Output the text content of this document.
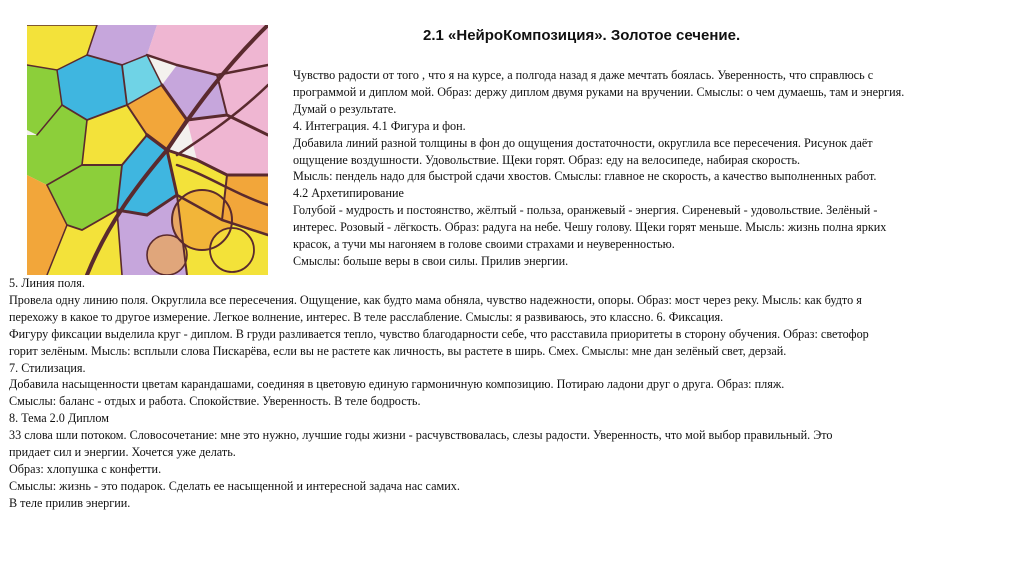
2.1 «НейроКомпозиция». Золотое сечение.
Чувство радости от того , что я на курсе, а полгода назад я даже мечтать боялась. Уверенность, что справлюсь с
программой и диплом мой. Образ: держу диплом двумя руками на вручении. Смыслы: о чем думаешь, там и энергия.
Думай о результате.
4. Интеграция. 4.1 Фигура и фон.
Добавила линий разной толщины в фон до ощущения достаточности, округлила все пересечения. Рисунок даёт
ощущение воздушности. Удовольствие. Щеки горят. Образ: еду на велосипеде, набирая скорость.
Мысль: пендель надо для быстрой сдачи хвостов. Смыслы: главное не скорость, а качество выполненных работ.
4.2 Архетипирование
Голубой - мудрость и постоянство, жёлтый - польза, оранжевый - энергия. Сиреневый - удовольствие. Зелёный -
интерес. Розовый - лёгкость. Образ: радуга на небе. Чешу голову. Щеки горят меньше. Мысль: жизнь полна ярких
красок, а тучи мы нагоняем в голове своими страхами и неуверенностью.
Смыслы: больше веры в свои силы. Прилив энергии.
5. Линия поля.
Провела одну линию поля. Округлила все пересечения. Ощущение, как будто мама обняла, чувство надежности, опоры. Образ: мост через реку. Мысль: как будто я
перехожу в какое то другое измерение. Легкое волнение, интерес. В теле расслабление. Смыслы: я развиваюсь, это классно. 6. Фиксация.
Фигуру фиксации выделила круг - диплом. В груди разливается тепло, чувство благодарности себе, что расставила приоритеты в сторону обучения. Образ: светофор
горит зелёным. Мысль: всплыли слова Пискарёва, если вы не растете как личность, вы растете в ширь. Смех. Смыслы: мне дан зелёный свет, дерзай.
7. Стилизация.
Добавила насыщенности цветам карандашами, соединяя в цветовую единую гармоничную композицию. Потираю ладони друг о друга. Образ: пляж.
Смыслы: баланс - отдых и работа. Спокойствие. Уверенность. В теле бодрость.
8. Тема 2.0 Диплом
33 слова шли потоком. Словосочетание: мне это нужно, лучшие годы жизни - расчувствовалась, слезы радости. Уверенность, что мой выбор правильный. Это
придает сил и энергии. Хочется уже делать.
Образ: хлопушка с конфетти.
Смыслы: жизнь - это подарок. Сделать ее насыщенной и интересной задача нас самих.
В теле прилив энергии.
